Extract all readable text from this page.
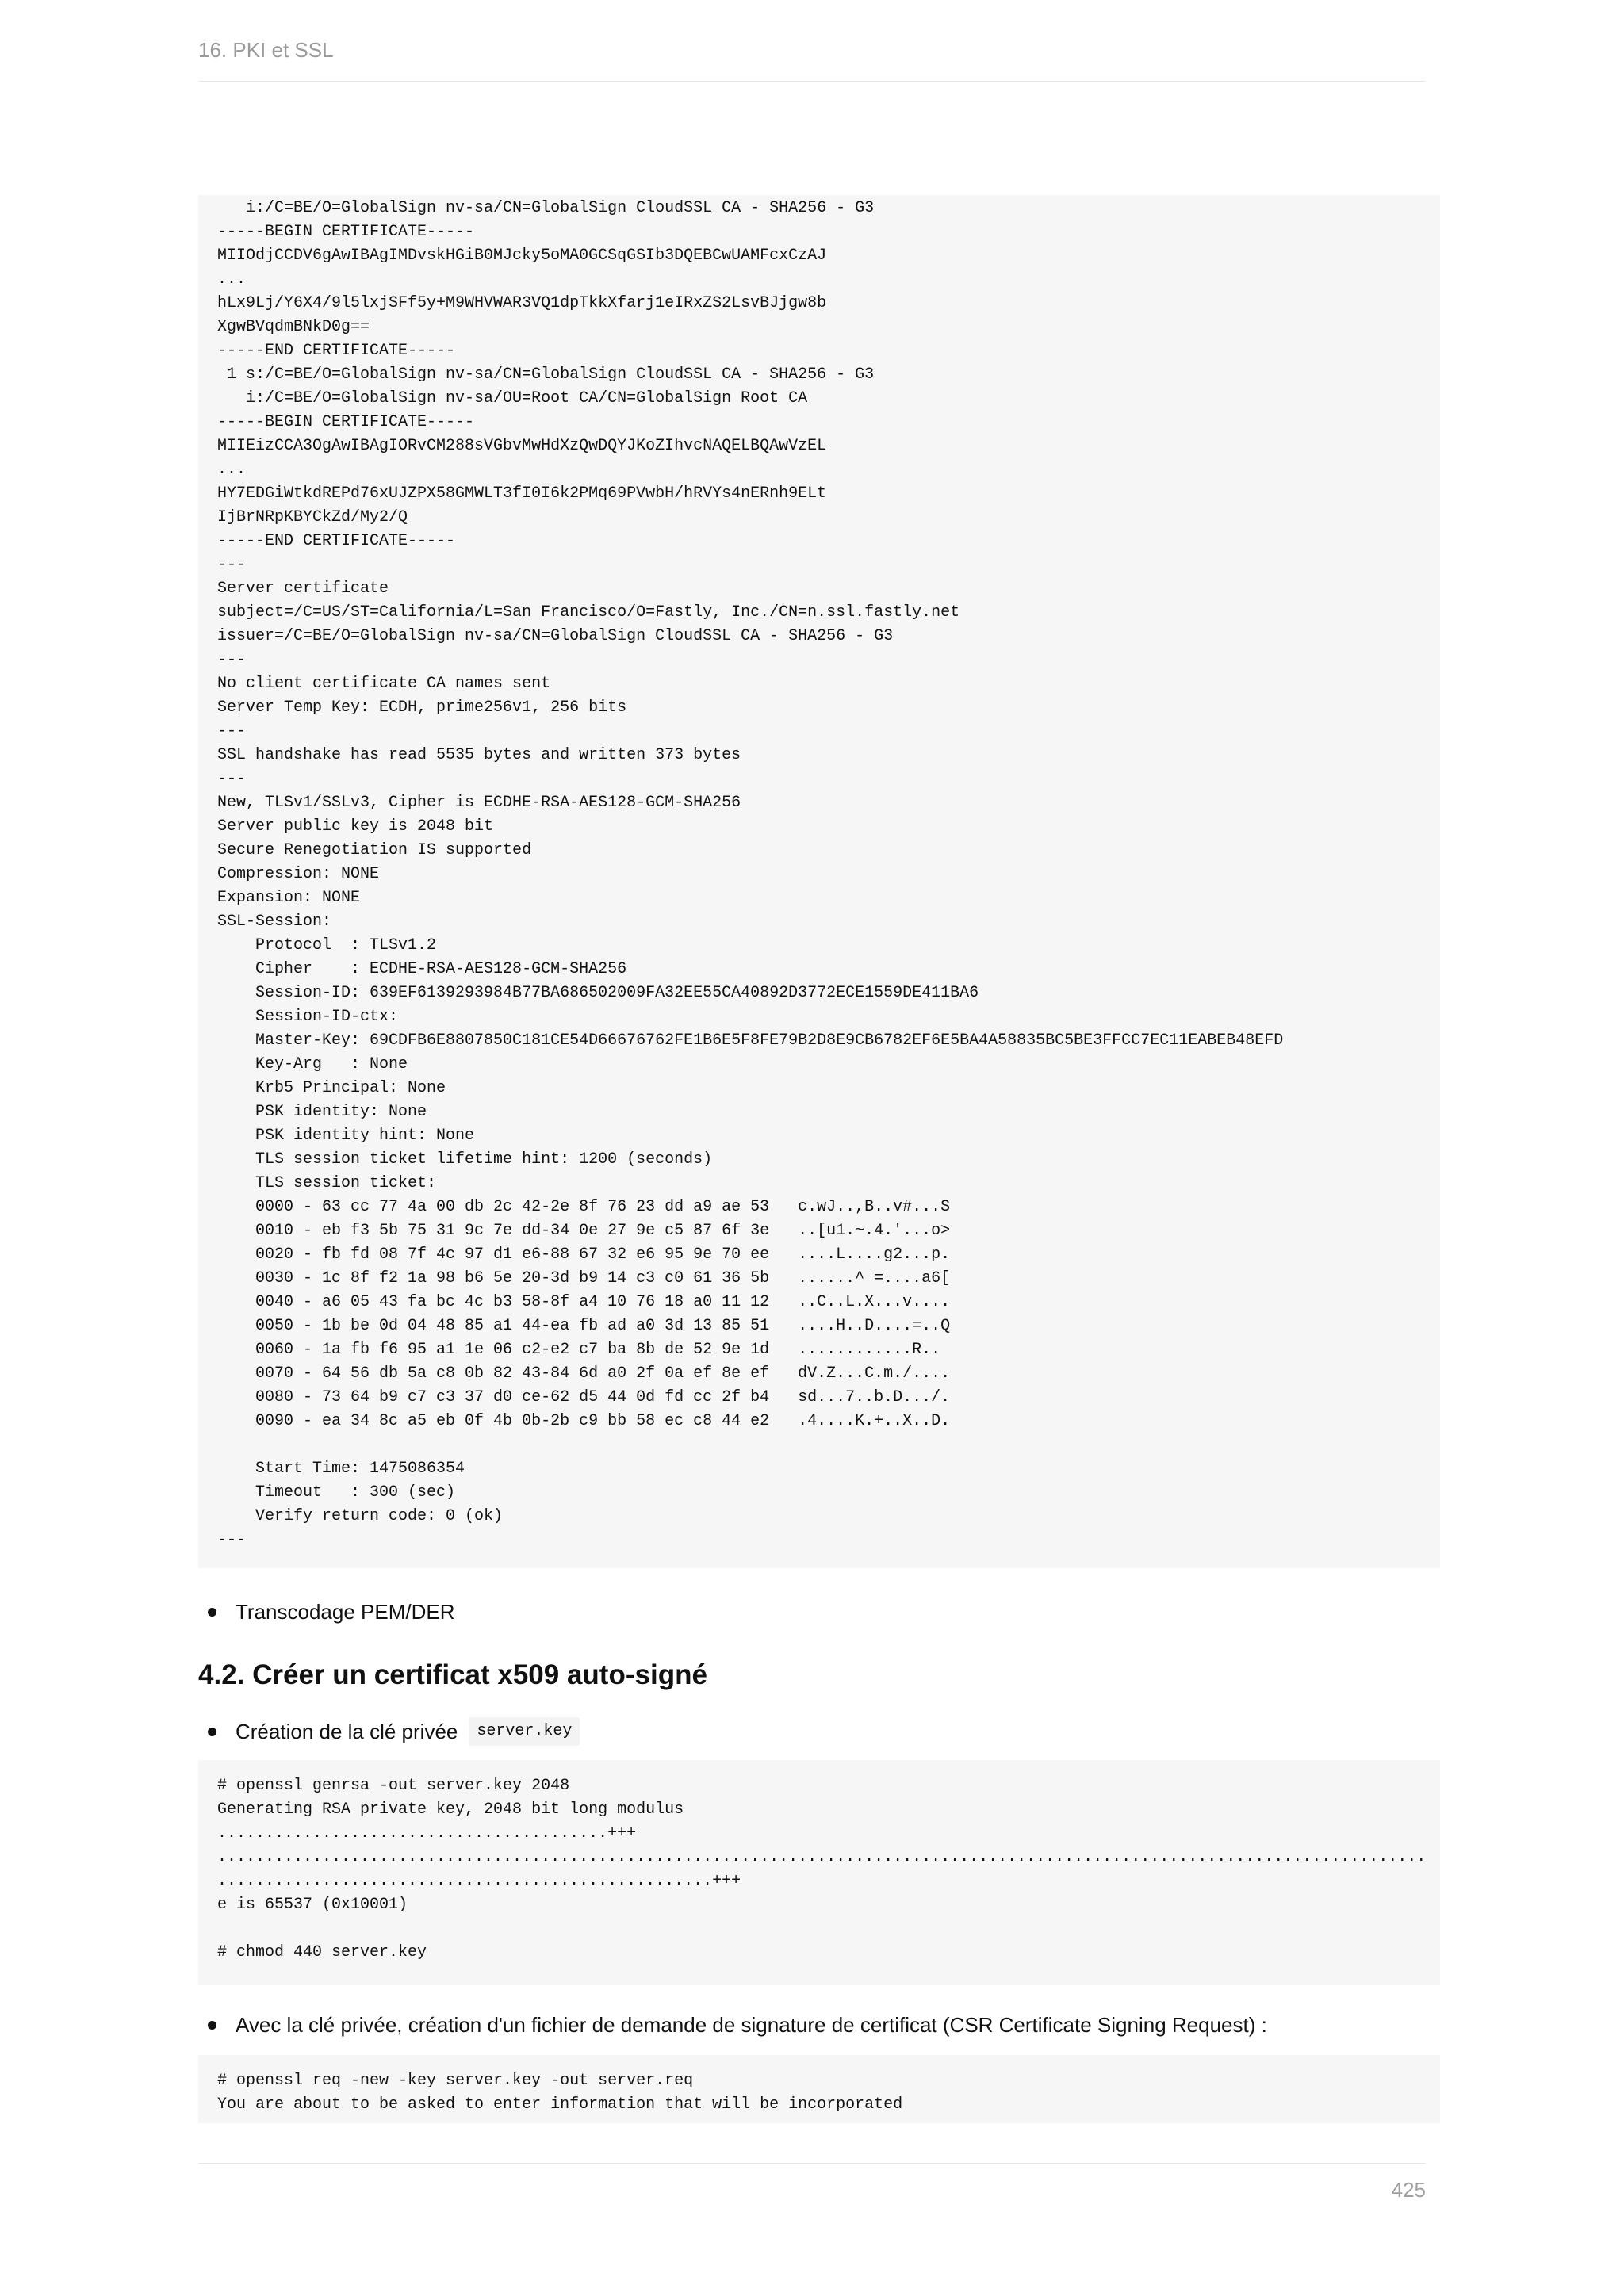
16. PKI et SSL
i:/C=BE/O=GlobalSign nv-sa/CN=GlobalSign CloudSSL CA - SHA256 - G3
-----BEGIN CERTIFICATE-----
MIIOdjCCDV6gAwIBAgIMDvskHGiB0MJcky5oMA0GCSqGSIb3DQEBCwUAMFcxCzAJ
...
hLx9Lj/Y6X4/9l5lxjSFf5y+M9WHVWAR3VQ1dpTkkXfarj1eIRxZS2LsvBJjgw8b
XgwBVqdmBNkD0g==
-----END CERTIFICATE-----
1 s:/C=BE/O=GlobalSign nv-sa/CN=GlobalSign CloudSSL CA - SHA256 - G3
i:/C=BE/O=GlobalSign nv-sa/OU=Root CA/CN=GlobalSign Root CA
-----BEGIN CERTIFICATE-----
MIIEizCCA3OgAwIBAgIORvCM288sVGbvMwHdXzQwDQYJKoZIhvcNAQELBQAwVzEL
...
HY7EDGiWtkdREPd76xUJZPX58GMWLT3fI0I6k2PMq69PVwbH/hRVYs4nERnh9ELt
IjBrNRpKBYCkZd/My2/Q
-----END CERTIFICATE-----
---
Server certificate
subject=/C=US/ST=California/L=San Francisco/O=Fastly, Inc./CN=n.ssl.fastly.net
issuer=/C=BE/O=GlobalSign nv-sa/CN=GlobalSign CloudSSL CA - SHA256 - G3
---
No client certificate CA names sent
Server Temp Key: ECDH, prime256v1, 256 bits
---
SSL handshake has read 5535 bytes and written 373 bytes
---
New, TLSv1/SSLv3, Cipher is ECDHE-RSA-AES128-GCM-SHA256
Server public key is 2048 bit
Secure Renegotiation IS supported
Compression: NONE
Expansion: NONE
SSL-Session:
Protocol  : TLSv1.2
Cipher    : ECDHE-RSA-AES128-GCM-SHA256
Session-ID: 639EF6139293984B77BA686502009FA32EE55CA40892D3772ECE1559DE411BA6
Session-ID-ctx:
Master-Key: 69CDFB6E8807850C181CE54D66676762FE1B6E5F8FE79B2D8E9CB6782EF6E5BA4A58835BC5BE3FFCC7EC11EABEB48EFD
Key-Arg   : None
Krb5 Principal: None
PSK identity: None
PSK identity hint: None
TLS session ticket lifetime hint: 1200 (seconds)
TLS session ticket:
0000 - 63 cc 77 4a 00 db 2c 42-2e 8f 76 23 dd a9 ae 53   c.wJ..,B..v#...S
0010 - eb f3 5b 75 31 9c 7e dd-34 0e 27 9e c5 87 6f 3e   ..[u1.~.4.'...o>
0020 - fb fd 08 7f 4c 97 d1 e6-88 67 32 e6 95 9e 70 ee   ....L....g2...p.
0030 - 1c 8f f2 1a 98 b6 5e 20-3d b9 14 c3 c0 61 36 5b   ......^ =....a6[
0040 - a6 05 43 fa bc 4c b3 58-8f a4 10 76 18 a0 11 12   ..C..L.X...v....
0050 - 1b be 0d 04 48 85 a1 44-ea fb ad a0 3d 13 85 51   ....H..D....=..Q
0060 - 1a fb f6 95 a1 1e 06 c2-e2 c7 ba 8b de 52 9e 1d   ............R..
0070 - 64 56 db 5a c8 0b 82 43-84 6d a0 2f 0a ef 8e ef   dV.Z...C.m./....
0080 - 73 64 b9 c7 c3 37 d0 ce-62 d5 44 0d fd cc 2f b4   sd...7..b.D.../.
0090 - ea 34 8c a5 eb 0f 4b 0b-2b c9 bb 58 ec c8 44 e2   .4....K.+..X..D.

Start Time: 1475086354
Timeout   : 300 (sec)
Verify return code: 0 (ok)
---
Transcodage PEM/DER
4.2. Créer un certificat x509 auto-signé
Création de la clé privée	server.key
# openssl genrsa -out server.key 2048
Generating RSA private key, 2048 bit long modulus
.........................................+++
...............................................................................................................................
....................................................+++
e is 65537 (0x10001)

# chmod 440 server.key
Avec la clé privée, création d'un fichier de demande de signature de certificat (CSR Certificate Signing Request) :
# openssl req -new -key server.key -out server.req
You are about to be asked to enter information that will be incorporated
425
